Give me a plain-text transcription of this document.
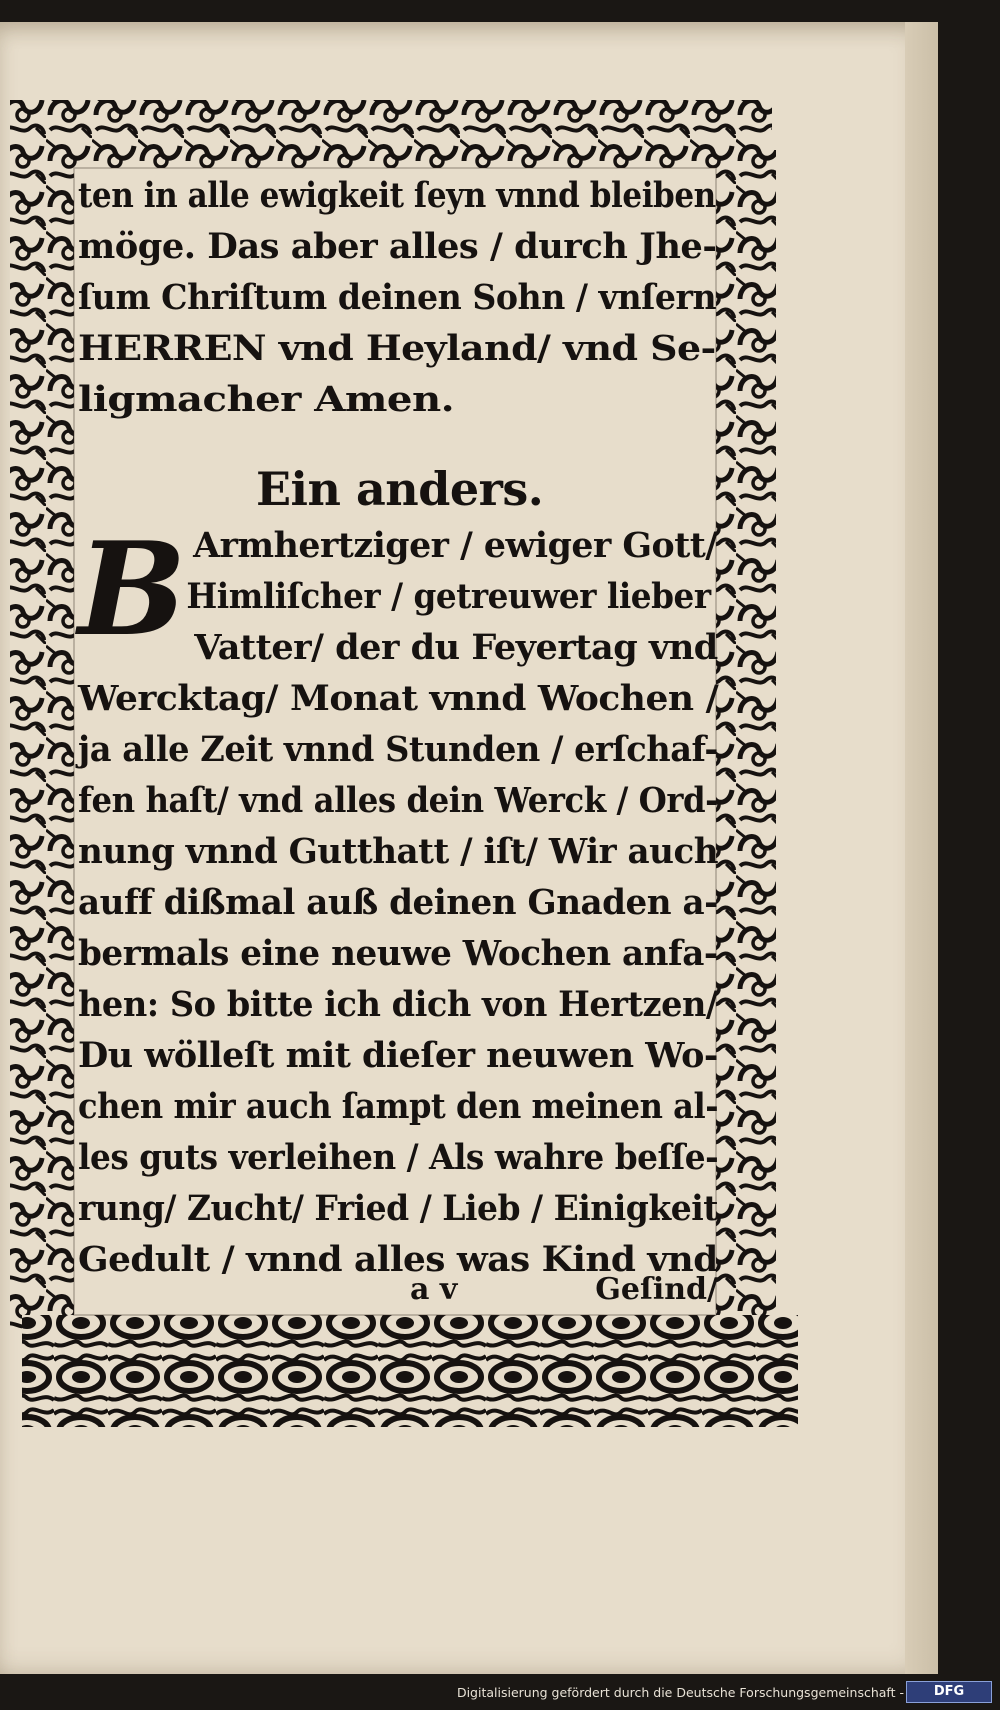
ten in alle ewigkeit ſeyn vnnd bleiben
möge. Das aber alles / durch Jhe-
ſum Chriſtum deinen Sohn / vnſern
HERREN vnd Heyland/ vnd Se-
ligmacher Amen.
Ein anders.
B Armhertziger / ewiger Gott/
Himliſcher / getreuwer lieber
Vatter/ der du Feyertag vnd
Wercktag/ Monat vnnd Wochen /
ja alle Zeit vnnd Stunden / erſchaf-
fen haſt/ vnd alles dein Werck / Ord-
nung vnnd Gutthatt / iſt/ Wir auch
auff dißmal auß deinen Gnaden a-
bermals eine neuwe Wochen anfa-
hen: So bitte ich dich von Hertzen/
Du wölleſt mit dieſer neuwen Wo-
chen mir auch ſampt den meinen al-
les guts verleihen / Als wahre beſſe-
rung/ Zucht/ Fried / Lieb / Einigkeit
Gedult / vnnd alles was Kind vnd
a v	Geſind/
Digitalisierung gefördert durch die Deutsche Forschungsgemeinschaft -	DFG
